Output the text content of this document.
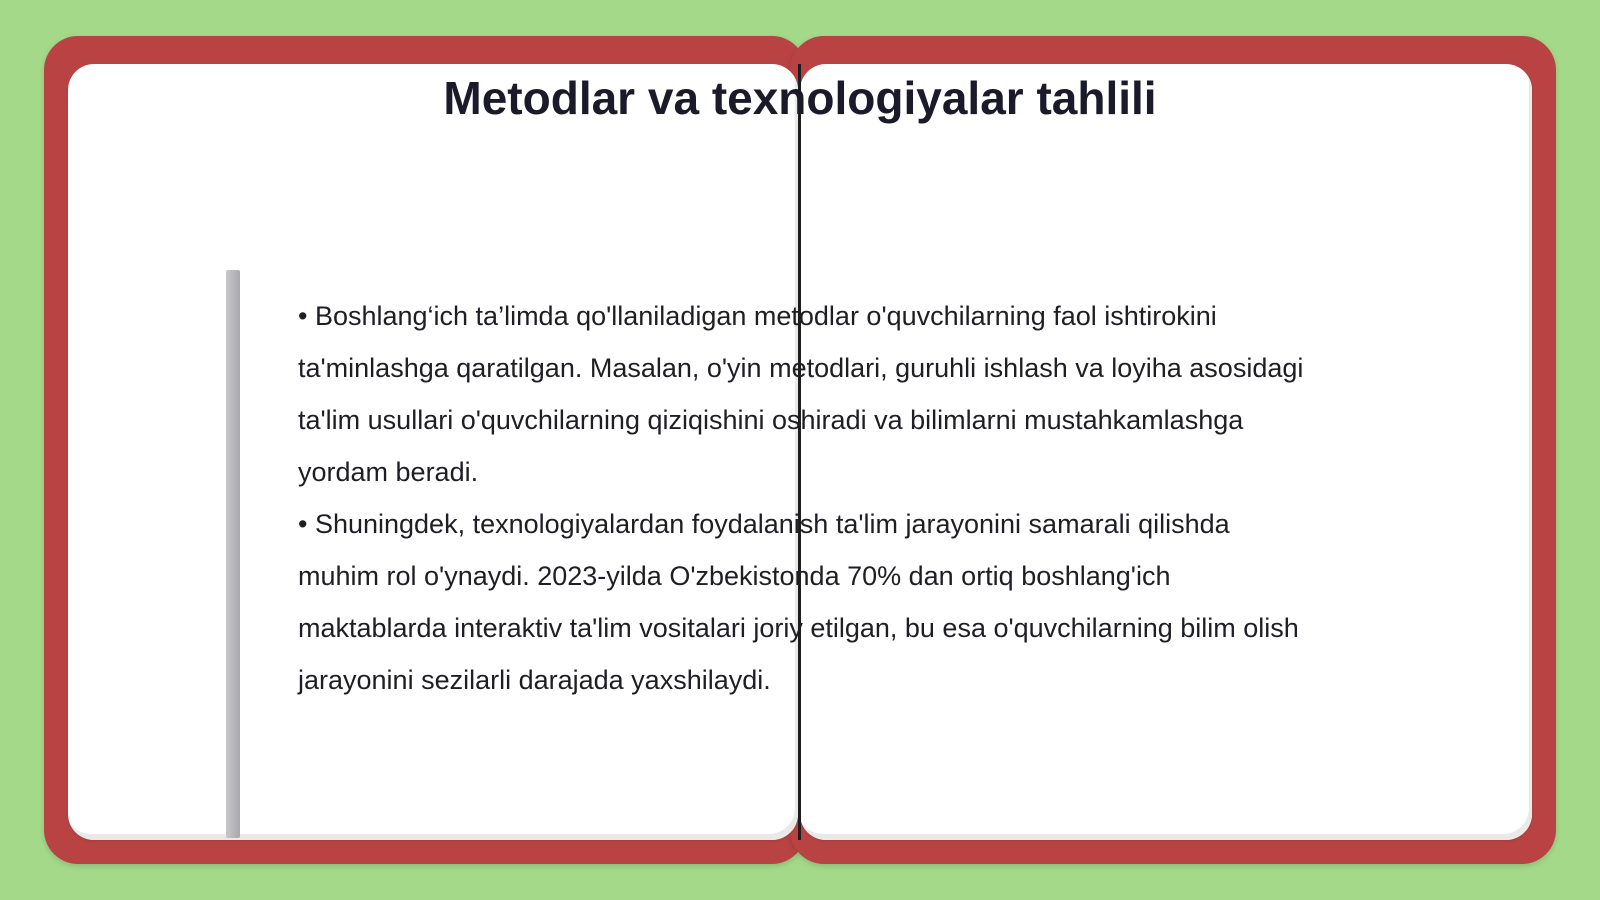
Metodlar va texnologiyalar tahlili

• Boshlang‘ich ta’limda qo'llaniladigan metodlar o'quvchilarning faol ishtirokini ta'minlashga qaratilgan. Masalan, o'yin metodlari, guruhli ishlash va loyiha asosidagi ta'lim usullari o'quvchilarning qiziqishini oshiradi va bilimlarni mustahkamlashga yordam beradi.

• Shuningdek, texnologiyalardan foydalanish ta'lim jarayonini samarali qilishda muhim rol o'ynaydi. 2023-yilda O'zbekistonda 70% dan ortiq boshlang'ich maktablarda interaktiv ta'lim vositalari joriy etilgan, bu esa o'quvchilarning bilim olish jarayonini sezilarli darajada yaxshilaydi.
